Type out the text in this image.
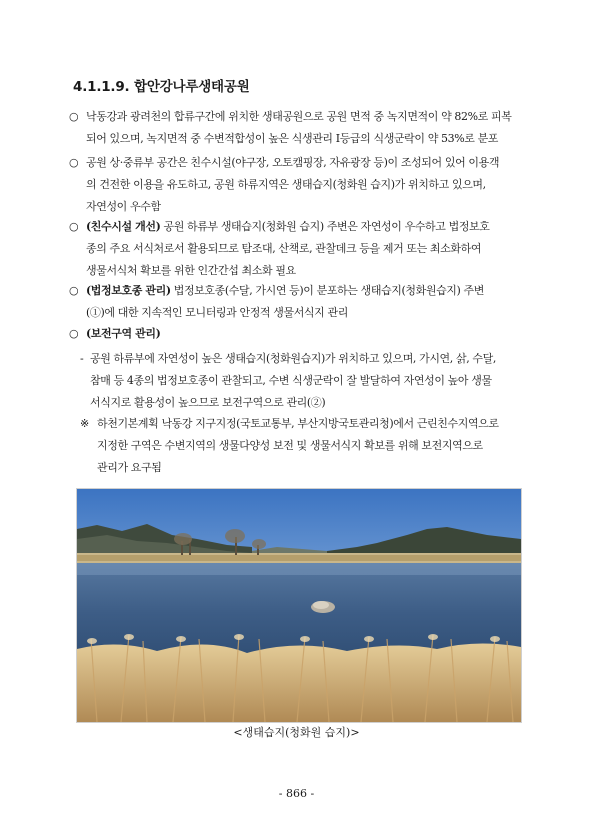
4.1.1.9. 합안강나루생태공원
○ 낙동강과 광려천의 합류구간에 위치한 생태공원으로 공원 면적 중 녹지면적이 약 82%로 피복
되어 있으며, 녹지면적 중 수변적합성이 높은 식생관리 I등급의 식생군락이 약 53%로 분포
○ 공원 상·중류부 공간은 친수시설(야구장, 오토캠핑장, 자유광장 등)이 조성되어 있어 이용객
의 건전한 이용을 유도하고, 공원 하류지역은 생태습지(청화원 습지)가 위치하고 있으며,
자연성이 우수함
○ (친수시설 개선) 공원 하류부 생태습지(청화원 습지) 주변은 자연성이 우수하고 법정보호
종의 주요 서식처로서 활용되므로 탐조대, 산책로, 관찰데크 등을 제거 또는 최소화하여
생물서식처 확보를 위한 인간간섭 최소화 필요
○ (법정보호종 관리) 법정보호종(수달, 가시연 등)이 분포하는 생태습지(청화원습지) 주변
(①)에 대한 지속적인 모니터링과 안정적 생물서식지 관리
○ (보전구역 관리)
- 공원 하류부에 자연성이 높은 생태습지(청화원습지)가 위치하고 있으며, 가시연, 삵, 수달,
참매 등 4종의 법정보호종이 관찰되고, 수변 식생군락이 잘 발달하여 자연성이 높아 생물
서식지로 활용성이 높으므로 보전구역으로 관리(②)
※ 하천기본계획 낙동강 지구지정(국토교통부, 부산지방국토관리청)에서 근린친수지역으로
지정한 구역은 수변지역의 생물다양성 보전 및 생물서식지 확보를 위해 보전지역으로
관리가 요구됨
<생태습지(청화원 습지)>
- 866 -
